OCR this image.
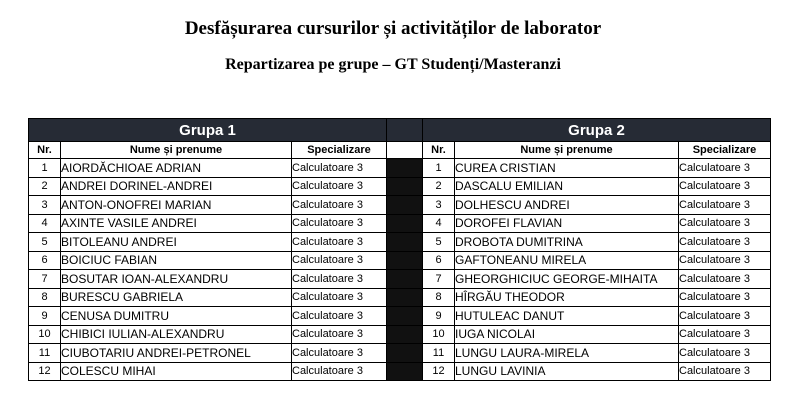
Desfășurarea cursurilor și activităților de laborator
Repartizarea pe grupe – GT Studenți/Masteranzi
Grupa 1				Grupa 2		
Nr.	Nume și prenume	Specializare		Nr.	Nume și prenume	Specializare
1	AIORDĂCHIOAE ADRIAN	Calculatoare 3		1	CUREA CRISTIAN	Calculatoare 3
2	ANDREI DORINEL-ANDREI	Calculatoare 3		2	DASCALU EMILIAN	Calculatoare 3
3	ANTON-ONOFREI MARIAN	Calculatoare 3		3	DOLHESCU ANDREI	Calculatoare 3
4	AXINTE VASILE ANDREI	Calculatoare 3		4	DOROFEI FLAVIAN	Calculatoare 3
5	BITOLEANU ANDREI	Calculatoare 3		5	DROBOTA DUMITRINA	Calculatoare 3
6	BOICIUC FABIAN	Calculatoare 3		6	GAFTONEANU MIRELA	Calculatoare 3
7	BOSUTAR IOAN-ALEXANDRU	Calculatoare 3		7	GHEORGHICIUC GEORGE-MIHAITA	Calculatoare 3
8	BURESCU GABRIELA	Calculatoare 3		8	HÎRGĂU THEODOR	Calculatoare 3
9	CENUSA DUMITRU	Calculatoare 3		9	HUTULEAC DANUT	Calculatoare 3
10	CHIBICI IULIAN-ALEXANDRU	Calculatoare 3		10	IUGA NICOLAI	Calculatoare 3
11	CIUBOTARIU ANDREI-PETRONEL	Calculatoare 3		11	LUNGU LAURA-MIRELA	Calculatoare 3
12	COLESCU MIHAI	Calculatoare 3		12	LUNGU LAVINIA	Calculatoare 3
